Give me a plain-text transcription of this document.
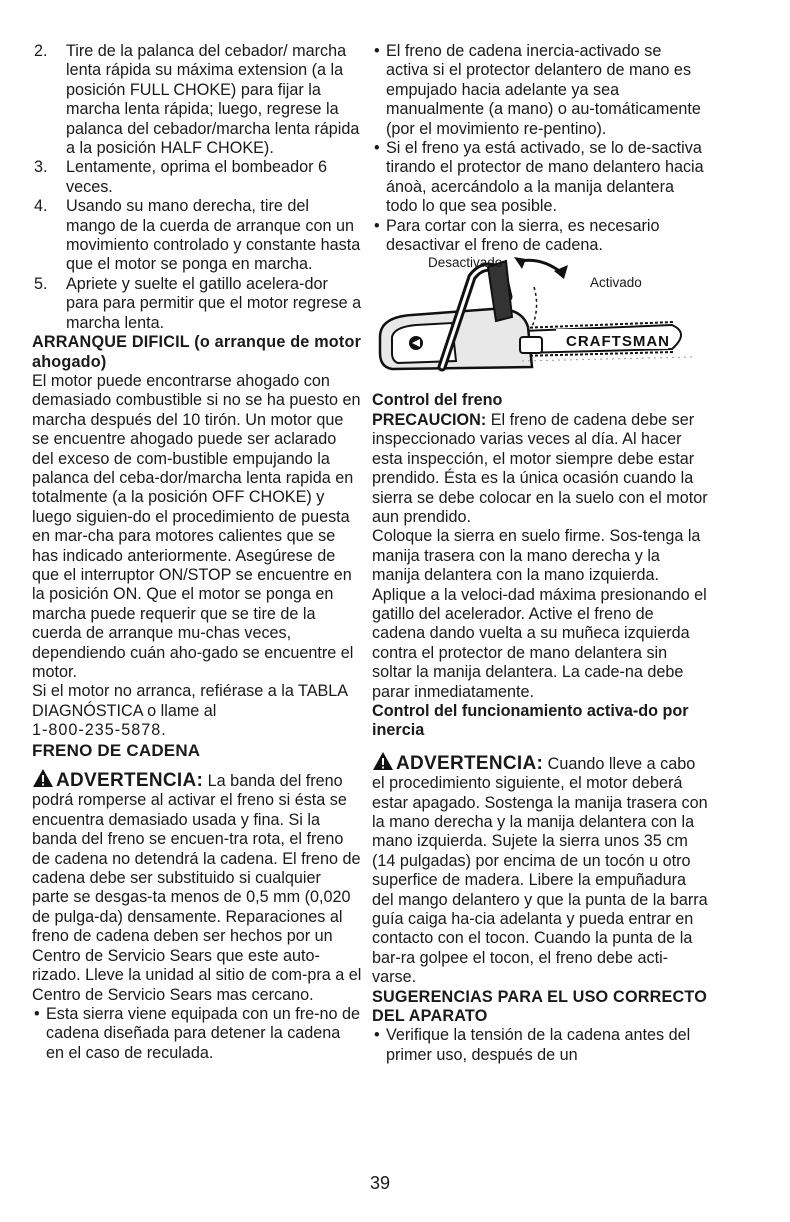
2. Tire de la palanca del cebador/ marcha lenta rápida su máxima extension (a la posición FULL CHOKE) para fijar la marcha lenta rápida; luego, regrese la palanca del cebador/marcha lenta rápida a la posición HALF CHOKE).
3. Lentamente, oprima el bombeador 6 veces.
4. Usando su mano derecha, tire del mango de la cuerda de arranque con un movimiento controlado y constante hasta que el motor se ponga en marcha.
5. Apriete y suelte el gatillo acelera-dor para para permitir que el motor regrese a marcha lenta.
ARRANQUE DIFICIL (o arranque de motor ahogado)

El motor puede encontrarse ahogado con demasiado combustible si no se ha puesto en marcha después del 10 tirón. Un motor que se encuentre ahogado puede ser aclarado del exceso de com-bustible empujando la palanca del ceba-dor/marcha lenta rapida en totalmente (a la posición OFF CHOKE) y luego siguien-do el procedimiento de puesta en mar-cha para motores calientes que se has indicado anteriormente. Asegúrese de que el interruptor ON/STOP se encuentre en la posición ON. Que el motor se ponga en marcha puede requerir que se tire de la cuerda de arranque mu-chas veces, dependiendo cuán aho-gado se encuentre el motor.

Si el motor no arranca, refiérase a la TABLA DIAGNÓSTICA o llame al

1-800-235-5878.

FRENO DE CADENA
ADVERTENCIA: La banda del freno podrá romperse al activar el freno si ésta se encuentra demasiado usada y fina. Si la banda del freno se encuen-tra rota, el freno de cadena no detendrá la cadena. El freno de cadena debe ser substituido si cualquier parte se desgas-ta menos de 0,5 mm (0,020 de pulga-da) densamente. Reparaciones al freno de cadena deben ser hechos por un Centro de Servicio Sears que este auto-rizado. Lleve la unidad al sitio de com-pra a el Centro de Servicio Sears mas cercano.
• Esta sierra viene equipada con un fre-no de cadena diseñada para detener la cadena en el caso de reculada.
• El freno de cadena inercia-activado se activa si el protector delantero de mano es empujado hacia adelante ya sea manualmente (a mano) o au-tomáticamente (por el movimiento re-pentino).
• Si el freno ya está activado, se lo de-sactiva tirando el protector de mano delantero hacia ánoà, acercándolo a la manija delantera todo lo que sea posible.
• Para cortar con la sierra, es necesario desactivar el freno de cadena.
CRAFTSMAN
Desactivado
Activado
Control del freno

PRECAUCION: El freno de cadena debe ser inspeccionado varias veces al día. Al hacer esta inspección, el motor siempre debe estar prendido. Ésta es la única ocasión cuando la sierra se debe colocar en la suelo con el motor aun prendido.

Coloque la sierra en suelo firme. Sos-tenga la manija trasera con la mano derecha y la manija delantera con la mano izquierda. Aplique a la veloci-dad máxima presionando el gatillo del acelerador. Active el freno de cadena dando vuelta a su muñeca izquierda contra el protector de mano delantera sin soltar la manija delantera. La cade-na debe parar inmediatamente.

Control del funcionamiento activa-do por inercia
ADVERTENCIA: Cuando lleve a cabo el procedimiento siguiente, el motor deberá estar apagado. Sostenga la manija trasera con la mano derecha y la manija delantera con la mano izquierda. Sujete la sierra unos 35 cm (14 pulgadas) por encima de un tocón u otro superfice de madera. Libere la empuñadura del mango delantero y que la punta de la barra guía caiga ha-cia adelanta y pueda entrar en contacto con el tocon. Cuando la punta de la bar-ra golpee el tocon, el freno debe acti-varse.
SUGERENCIAS PARA EL USO CORRECTO DEL APARATO
• Verifique la tensión de la cadena antes del primer uso, después de un
39
